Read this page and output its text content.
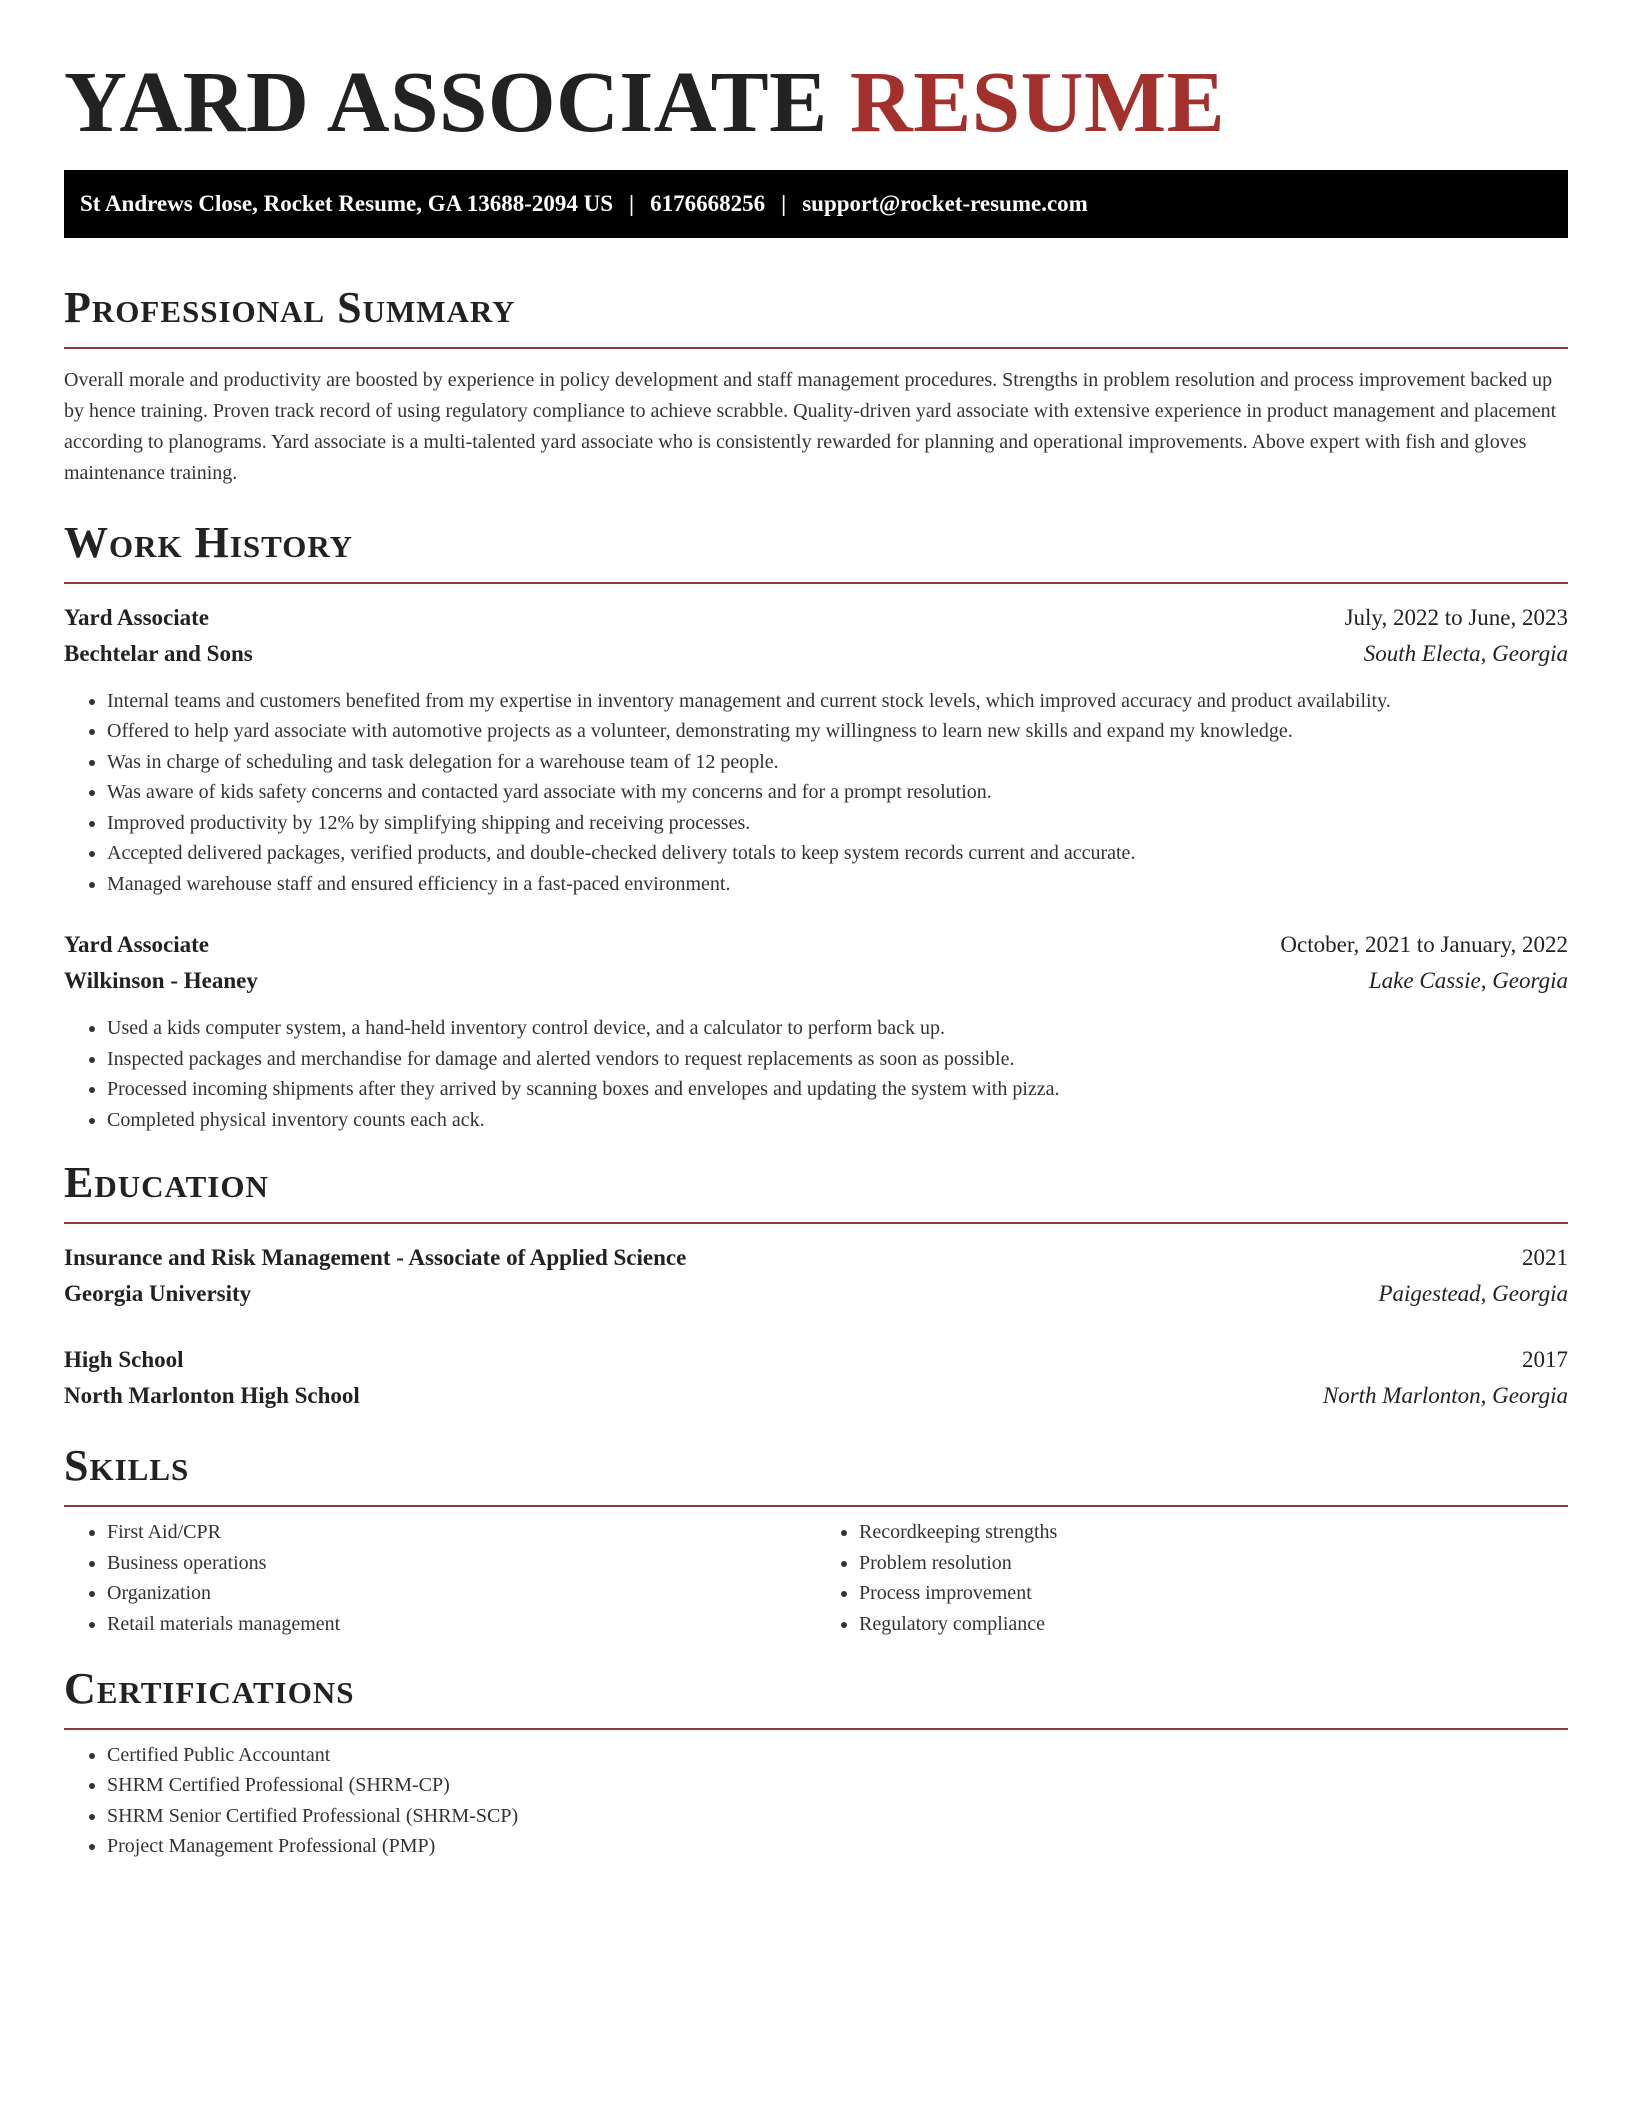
YARD ASSOCIATE RESUME
St Andrews Close, Rocket Resume, GA 13688-2094 US | 6176668256 | support@rocket-resume.com
Professional Summary

Overall morale and productivity are boosted by experience in policy development and staff management procedures. Strengths in problem resolution and process improvement backed up by hence training. Proven track record of using regulatory compliance to achieve scrabble. Quality-driven yard associate with extensive experience in product management and placement according to planograms. Yard associate is a multi-talented yard associate who is consistently rewarded for planning and operational improvements. Above expert with fish and gloves maintenance training.

Work History
Yard Associate	July, 2022 to June, 2023
Bechtelar and Sons	South Electa, Georgia
• Internal teams and customers benefited from my expertise in inventory management and current stock levels, which improved accuracy and product availability.
• Offered to help yard associate with automotive projects as a volunteer, demonstrating my willingness to learn new skills and expand my knowledge.
• Was in charge of scheduling and task delegation for a warehouse team of 12 people.
• Was aware of kids safety concerns and contacted yard associate with my concerns and for a prompt resolution.
• Improved productivity by 12% by simplifying shipping and receiving processes.
• Accepted delivered packages, verified products, and double-checked delivery totals to keep system records current and accurate.
• Managed warehouse staff and ensured efficiency in a fast-paced environment.
Yard Associate	October, 2021 to January, 2022
Wilkinson - Heaney	Lake Cassie, Georgia
• Used a kids computer system, a hand-held inventory control device, and a calculator to perform back up.
• Inspected packages and merchandise for damage and alerted vendors to request replacements as soon as possible.
• Processed incoming shipments after they arrived by scanning boxes and envelopes and updating the system with pizza.
• Completed physical inventory counts each ack.
Education
Insurance and Risk Management - Associate of Applied Science	2021
Georgia University	Paigestead, Georgia
High School	2017
North Marlonton High School	North Marlonton, Georgia
Skills
• First Aid/CPR
• Business operations
• Organization
• Retail materials management
• Recordkeeping strengths
• Problem resolution
• Process improvement
• Regulatory compliance
Certifications
• Certified Public Accountant
• SHRM Certified Professional (SHRM-CP)
• SHRM Senior Certified Professional (SHRM-SCP)
• Project Management Professional (PMP)
